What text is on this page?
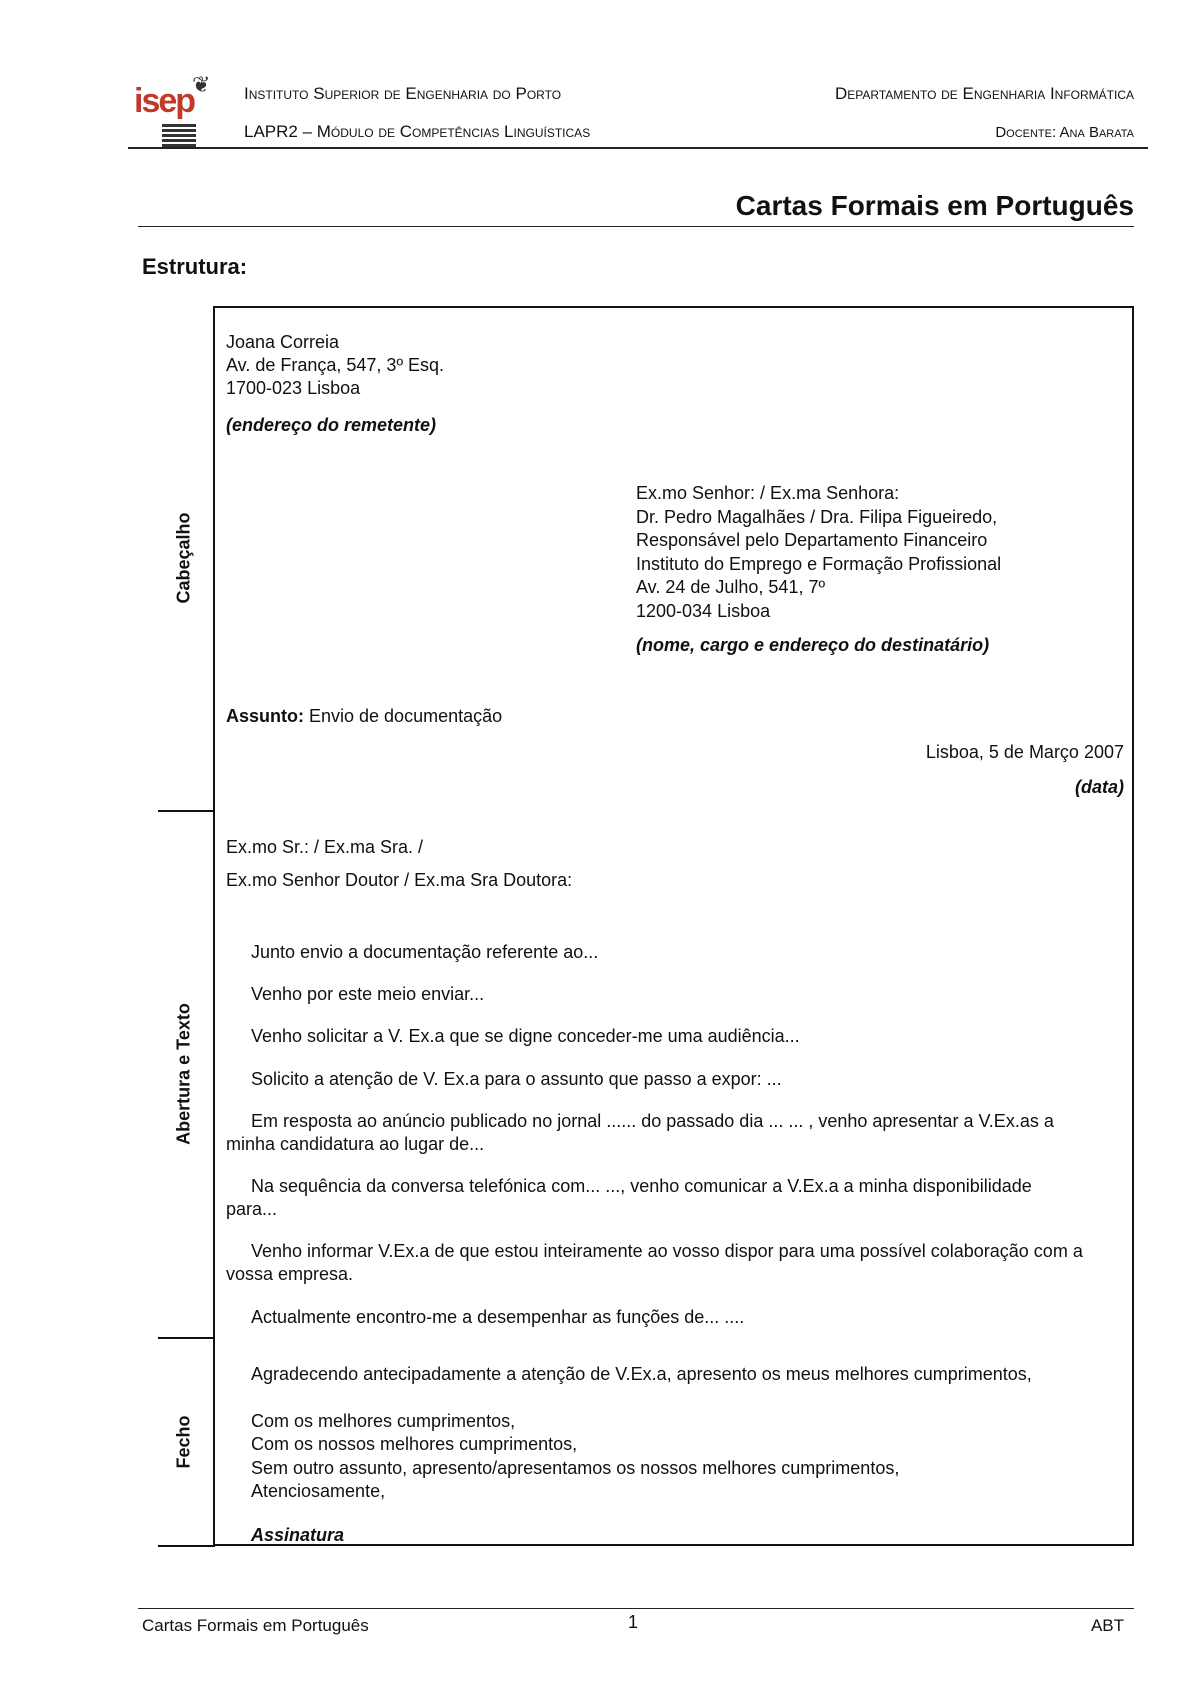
❦
isep	Instituto Superior de Engenharia do Porto	Departamento de Engenharia Informática
LAPR2 – Módulo de Competências Linguísticas	Docente: Ana Barata
Cartas Formais em Português
Estrutura:
Cabeçalho
Abertura e Texto
Fecho
Joana Correia
Av. de França, 547, 3º Esq.
1700-023 Lisboa
(endereço do remetente)
Ex.mo Senhor: / Ex.ma Senhora:
Dr. Pedro Magalhães / Dra. Filipa Figueiredo,
Responsável pelo Departamento Financeiro
Instituto do Emprego e Formação Profissional
Av. 24 de Julho, 541, 7º
1200-034 Lisboa
(nome, cargo e endereço do destinatário)
Assunto: Envio de documentação
Lisboa, 5 de Março 2007
(data)
Ex.mo Sr.: / Ex.ma Sra. /
Ex.mo Senhor Doutor / Ex.ma Sra Doutora:
Junto envio a documentação referente ao...
Venho por este meio enviar...
Venho solicitar a V. Ex.a que se digne conceder-me uma audiência...
Solicito a atenção de V. Ex.a para o assunto que passo a expor: ...
Em resposta ao anúncio publicado no jornal ...... do passado dia ... ... , venho apresentar a V.Ex.as a minha candidatura ao lugar de...
Na sequência da conversa telefónica com... ..., venho comunicar a V.Ex.a a minha disponibilidade para...
Venho informar V.Ex.a de que estou inteiramente ao vosso dispor para uma possível colaboração com a vossa empresa.
Actualmente encontro-me a desempenhar as funções de... ....
Agradecendo antecipadamente a atenção de V.Ex.a, apresento os meus melhores cumprimentos,
Com os melhores cumprimentos,
Com os nossos melhores cumprimentos,
Sem outro assunto, apresento/apresentamos os nossos melhores cumprimentos,
Atenciosamente,
Assinatura
Cartas Formais em Português	1	ABT
